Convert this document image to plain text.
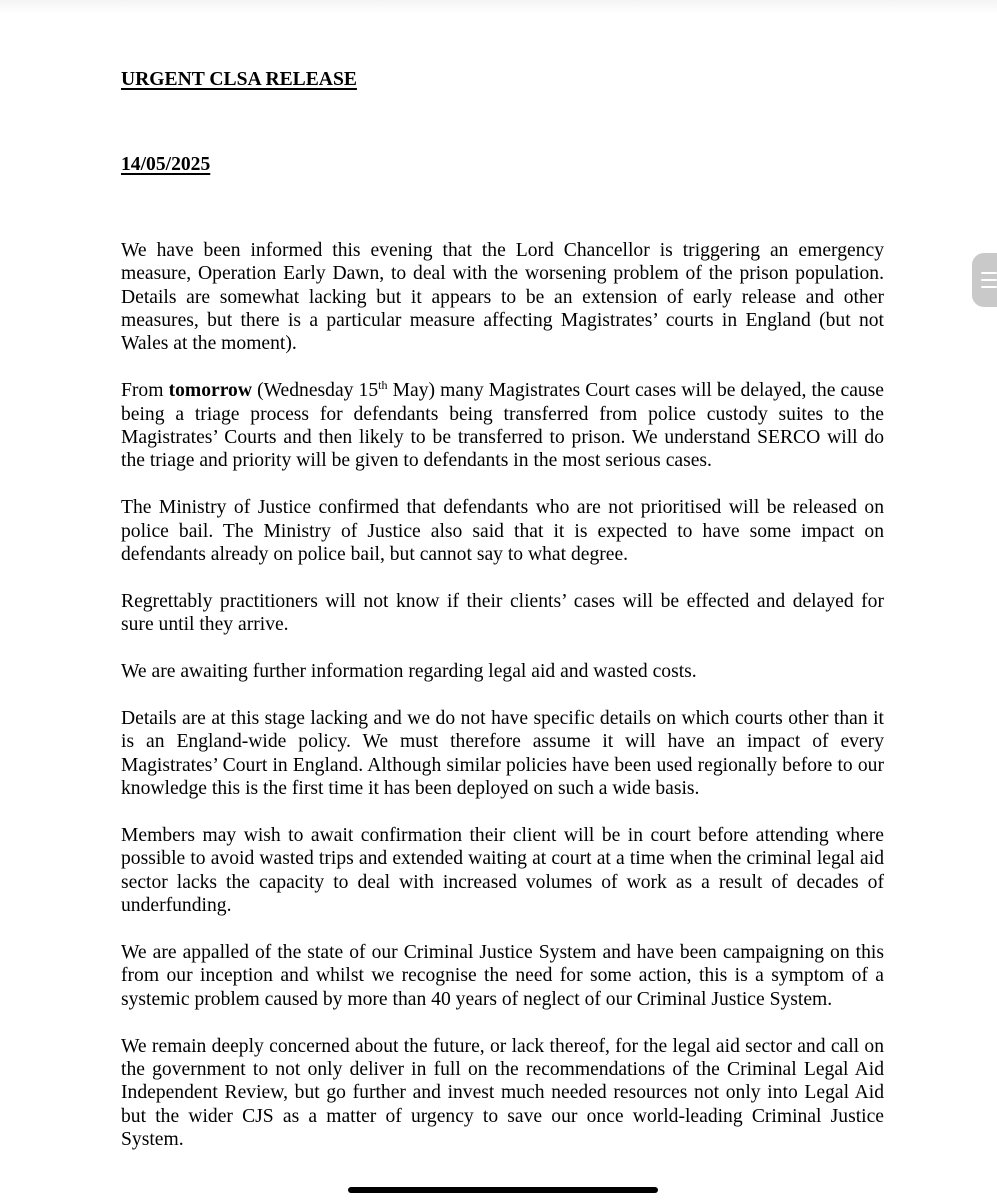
URGENT CLSA RELEASE

14/05/2025

We have been informed this evening that the Lord Chancellor is triggering an emergency measure, Operation Early Dawn, to deal with the worsening problem of the prison population. Details are somewhat lacking but it appears to be an extension of early release and other measures, but there is a particular measure affecting Magistrates’ courts in England (but not Wales at the moment).

From tomorrow (Wednesday 15th May) many Magistrates Court cases will be delayed, the cause being a triage process for defendants being transferred from police custody suites to the Magistrates’ Courts and then likely to be transferred to prison. We understand SERCO will do the triage and priority will be given to defendants in the most serious cases.

The Ministry of Justice confirmed that defendants who are not prioritised will be released on police bail. The Ministry of Justice also said that it is expected to have some impact on defendants already on police bail, but cannot say to what degree.

Regrettably practitioners will not know if their clients’ cases will be effected and delayed for sure until they arrive.

We are awaiting further information regarding legal aid and wasted costs.

Details are at this stage lacking and we do not have specific details on which courts other than it is an England-wide policy. We must therefore assume it will have an impact of every Magistrates’ Court in England. Although similar policies have been used regionally before to our knowledge this is the first time it has been deployed on such a wide basis.

Members may wish to await confirmation their client will be in court before attending where possible to avoid wasted trips and extended waiting at court at a time when the criminal legal aid sector lacks the capacity to deal with increased volumes of work as a result of decades of underfunding.

We are appalled of the state of our Criminal Justice System and have been campaigning on this from our inception and whilst we recognise the need for some action, this is a symptom of a systemic problem caused by more than 40 years of neglect of our Criminal Justice System.

We remain deeply concerned about the future, or lack thereof, for the legal aid sector and call on the government to not only deliver in full on the recommendations of the Criminal Legal Aid Independent Review, but go further and invest much needed resources not only into Legal Aid but the wider CJS as a matter of urgency to save our once world-leading Criminal Justice System.
